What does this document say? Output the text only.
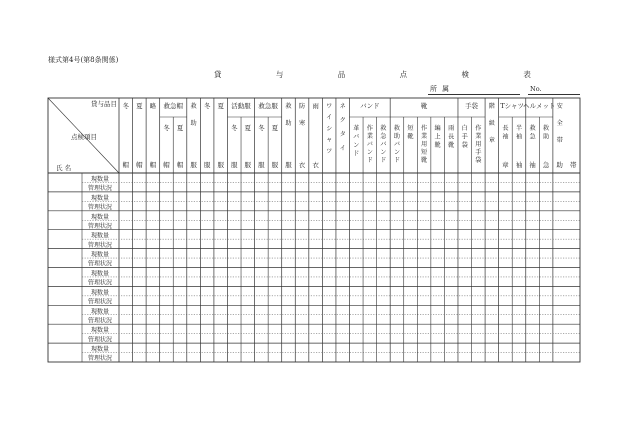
様式第4号(第8条関係)
貸 与 品 点 検 表
所属	No.
貸与品目
点検項目
氏 名
冬 夏 略 救急帽
冬 夏
救
助
冬 夏 活動服
冬 夏
救急服
冬 夏
救
助
防
寒
雨 ワ
イ
シ
ャ
ツ
ネ
ク
タ
イ
バンド
革
バ
ン
ド
作
業
バ
ン
ド
救
急
バ
ン
ド
靴
救
助
バ
ン
ド
短
靴
作
業
用
短
靴
編
上
靴
雨
長
靴
手袋
白
手
袋
作
業
用
手
袋
階
級
章
Tシャツ
長
袖
半
袖
ヘルメット
救
急
救
助
安
全
帯
帽 帽 帽 帽 帽 服 服 服 服 服 服 服 服 衣 衣	章 袖 袖 急 助 帯
現数量
管理状況
現数量
管理状況
現数量
管理状況
現数量
管理状況
現数量
管理状況
現数量
管理状況
現数量
管理状況
現数量
管理状況
現数量
管理状況
現数量
管理状況
